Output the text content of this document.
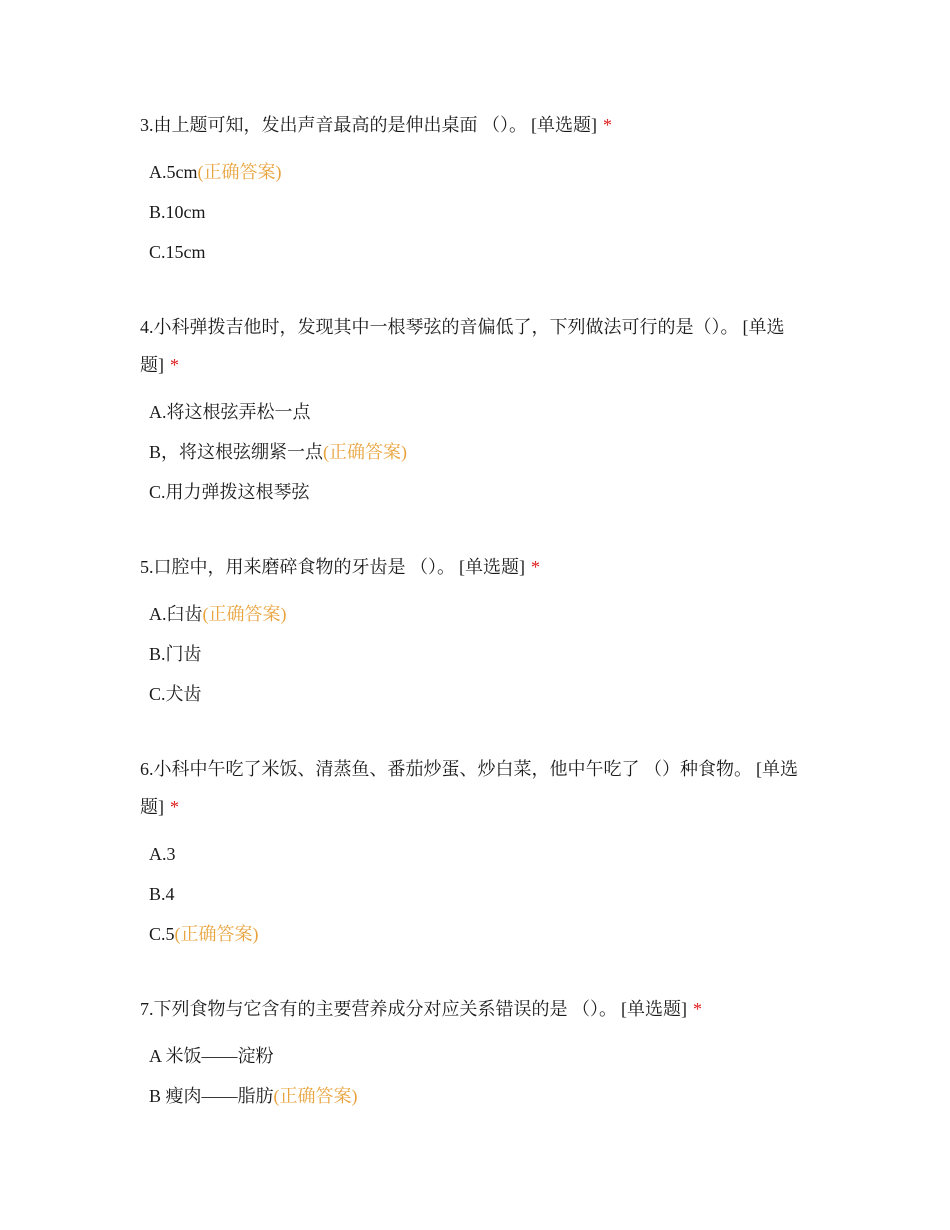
3.由上题可知，发出声音最高的是伸出桌面 （）。 [单选题] *

A.5cm (正确答案)
B.10cm
C.15cm

4.小科弹拨吉他时，发现其中一根琴弦的音偏低了，下列做法可行的是（）。 [单选题] *

A.将这根弦弄松一点
B，将这根弦绷紧一点 (正确答案)
C.用力弹拨这根琴弦

5.口腔中，用来磨碎食物的牙齿是 （）。 [单选题] *

A.臼齿 (正确答案)
B.门齿
C.犬齿

6.小科中午吃了米饭、清蒸鱼、番茄炒蛋、炒白菜，他中午吃了 （）种食物。 [单选题] *

A.3
B.4
C.5 (正确答案)

7.下列食物与它含有的主要营养成分对应关系错误的是 （）。 [单选题] *

A 米饭——淀粉
B 瘦肉——脂肪 (正确答案)
